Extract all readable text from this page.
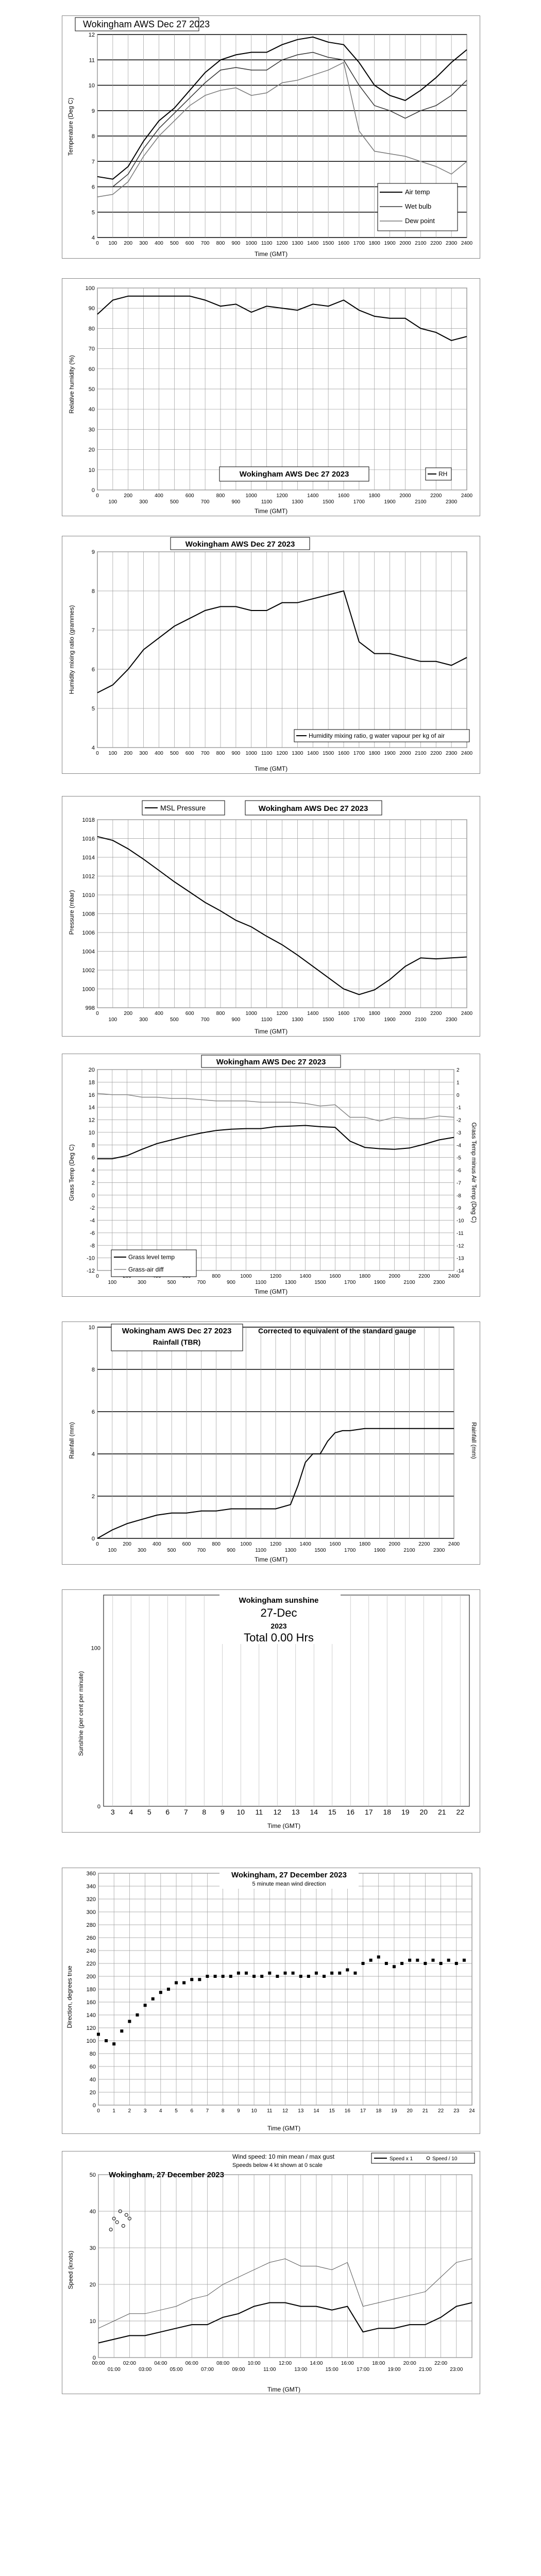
4
5
6
7
8
9
10
11
12
0 100 200 300 400 500 600 700 800 900 1000 1100 1200 1300 1400 1500 1600 1700 1800 1900 2000 2100 2200 2300 2400
Wokingham AWS Dec 27 2023
Time (GMT)
Temperature (Deg C)
Air temp
Wet bulb
Dew point
0
10
20
30
40
50
60
70
80
90
100
0
100
200
300
400
500
600
700
800
900
1000
1100
1200
1300
1400
1500
1600
1700
1800
1900
2000
2100
2200
2300
2400
Wokingham AWS Dec 27 2023	RH
Time (GMT)
Relative humidity (%)
4
5
6
7
8
9
0 100 200 300 400 500 600 700 800 900 1000 1100 1200 1300 1400 1500 1600 1700 1800 1900 2000 2100 2200 2300 2400
Wokingham AWS Dec 27 2023
Humidity mixing ratio, g water vapour per kg of air
Time (GMT)
Humidity mixing ratio (grammes)
998
1000
1002
1004
1006
1008
1010
1012
1014
1016
1018
0
100
200
300
400
500
600
700
800
900
1000
1100
1200
1300
1400
1500
1600
1700
1800
1900
2000
2100
2200
2300
2400
MSL Pressure	Wokingham AWS Dec 27 2023
Time (GMT)
Pressure (mbar)
-12
-10
-8
-6
-4
-2
0
2
4
6
8
10
12
14
16
18
20
0
100	300	500	700
800
900
1000
1100
1200
1300
1400
1500
1600
1700
1800
1900
2000
2100
2200
2300
2400
-14
-13
-12
-11
-10
-9
-8
-7
-6
-5
-4
-3
-2
-1
0
1
2
Wokingham AWS Dec 27 2023
Grass level temp
Grass-air diff
Time (GMT)
Grass Temp (Deg C)	Grass Temp minus Air Temp (Deg C)
0
2
4
6
8
10
0
100
200
300
400
500
600
700
800
900
1000
1100
1200
1300
1400
1500
1600
1700
1800
1900
2000
2100
2200
2300
2400
Wokingham AWS Dec 27 2023
Rainfall (TBR)
Corrected to equivalent of the standard gauge
Time (GMT)
Rainfall (mm)	Rainfall (mm)
3 4 5 6 7 8 9 10 11 12 13 14 15 16 17 18 19 20 21 22
0
100
Wokingham sunshine
27-Dec
2023
Total 0.00 Hrs
Time (GMT)
Sunshine (per cent per minute)
0
20
40
60
80
100
120
140
160
180
200
220
240
260
280
300
320
340
360
0 1 2 3 4 5 6 7 8 9 10 11 12 13 14 15 16 17 18 19 20 21 22 23 24
Wokingham, 27 December 2023
5 minute mean wind direction
Time (GMT)
Direction, degrees true
0
10
20
30
40
50
00:00
01:00
02:00
03:00
04:00
05:00
06:00
07:00
08:00
09:00
10:00
11:00
12:00
13:00
14:00
15:00
16:00
17:00
18:00
19:00
20:00
21:00
22:00
23:00
Wokingham, 27 December 2023
Wind speed: 10 min mean / max gust
Speeds below 4 kt shown at 0 scale
Speed x 1	Speed / 10
Time (GMT)
Speed (knots)
